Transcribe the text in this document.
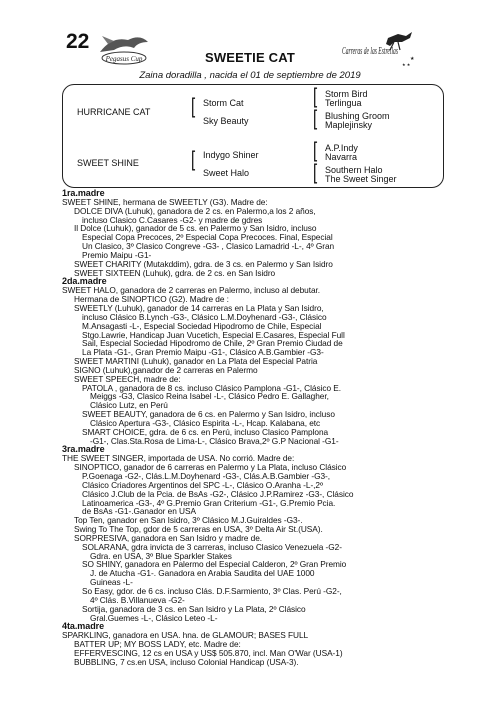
22
Pegasus Cup
Carreras de las Estrellas
★
★ ★
SWEETIE CAT
Zaina doradilla , nacida el 01 de septiembre de 2019
HURRICANE CAT
SWEET SHINE
[ Storm Cat
Sky Beauty
[ Indygo Shiner
Sweet Halo
[ Storm Bird
Terlingua
[ Blushing Groom
Maplejinsky
[ A.P.Indy
Navarra
[ Southern Halo
The Sweet Singer
1ra.madre
SWEET SHINE, hermana de SWEETLY (G3). Madre de:
DOLCE DIVA (Luhuk), ganadora de 2 cs. en Palermo,a los 2 años,
incluso Clasico C.Casares -G2- y madre de gdres
Il Dolce (Luhuk), ganador de 5 cs. en Palermo y San Isidro, incluso
Especial Copa Precoces, 2º Especial Copa Precoces. Final, Especial
Un Clasico, 3º Clasico Congreve -G3- , Clasico Lamadrid -L-, 4º Gran
Premio Maipu -G1-
SWEET CHARITY (Mutakddim), gdra. de 3 cs. en Palermo y San Isidro
SWEET SIXTEEN (Luhuk), gdra. de 2 cs. en San Isidro
2da.madre
SWEET HALO, ganadora de 2 carreras en Palermo, incluso al debutar.
Hermana de SINOPTICO (G2). Madre de :
SWEETLY (Luhuk), ganador de 14 carreras en La Plata y San Isidro,
incluso Clásico B.Lynch -G3-, Clásico L.M.Doyhenard -G3-, Clásico
M.Ansagasti -L-, Especial Sociedad Hipodromo de Chile, Especial
Stgo.Lawrie, Handicap Juan Vucetich, Especial E.Casares, Especial Full
Sail, Especial Sociedad Hipodromo de Chile, 2º Gran Premio Ciudad de
La Plata -G1-, Gran Premio Maipu -G1-, Clásico A.B.Gambier -G3-
SWEET MARTINI (Luhuk), ganador en La Plata del Especial Patria
SIGNO (Luhuk),ganador de 2 carreras en Palermo
SWEET SPEECH, madre de:
PATOLA , ganadora de 8 cs. incluso Clásico Pamplona -G1-, Clásico E.
Meiggs -G3, Clasico Reina Isabel -L-, Clásico Pedro E. Gallagher,
Clásico Lutz, en Perú
SWEET BEAUTY, ganadora de 6 cs. en Palermo y San Isidro, incluso
Clásico Apertura -G3-, Clásico Espirita -L-, Hcap. Kalabana, etc
SMART CHOICE, gdra. de 6 cs. en Perú, incluso Clasico Pamplona
-G1-, Clas.Sta.Rosa de Lima-L-, Clásico Brava,2º G.P Nacional -G1-
3ra.madre
THE SWEET SINGER, importada de USA. No corrió. Madre de:
SINOPTICO, ganador de 6 carreras en Palermo y La Plata, incluso Clásico
P.Goenaga -G2-, Clás.L.M.Doyhenard -G3-, Clás.A.B.Gambier -G3-,
Clásico Criadores Argentinos del SPC -L-, Clásico O.Aranha -L-,2º
Clásico J.Club de la Pcia. de BsAs -G2-, Clásico J.P.Ramirez -G3-, Clásico
Latinoamerica -G3-, 4º G.Premio Gran Criterium -G1-, G.Premio Pcia.
de BsAs -G1-.Ganador en USA
Top Ten, ganador en San Isidro, 3º Clásico M.J.Guiraldes -G3-.
Swing To The Top, gdor de 5 carreras en USA, 3º Delta Air St.(USA).
SORPRESIVA, ganadora en San Isidro y madre de.
SOLARANA, gdra invicta de 3 carreras, incluso Clasico Venezuela -G2-
Gdra. en USA, 3º Blue Sparkler Stakes
SO SHINY, ganadora en Palermo del Especial Calderon, 2º Gran Premio
J. de Atucha -G1-. Ganadora en Arabia Saudita del UAE 1000
Guineas -L-
So Easy, gdor. de 6 cs. incluso Clás. D.F.Sarmiento, 3º Clas. Perú -G2-,
4º Clás. B.Villanueva -G2-
Sortija, ganadora de 3 cs. en San Isidro y La Plata, 2º Clásico
Gral.Guemes -L-, Clásico Leteo -L-
4ta.madre
SPARKLING, ganadora en USA. hna. de GLAMOUR; BASES FULL
BATTER UP; MY BOSS LADY, etc. Madre de:
EFFERVESCING, 12 cs en USA y US$ 505.870, incl. Man O'War (USA-1)
BUBBLING, 7 cs.en USA, incluso Colonial Handicap (USA-3).
